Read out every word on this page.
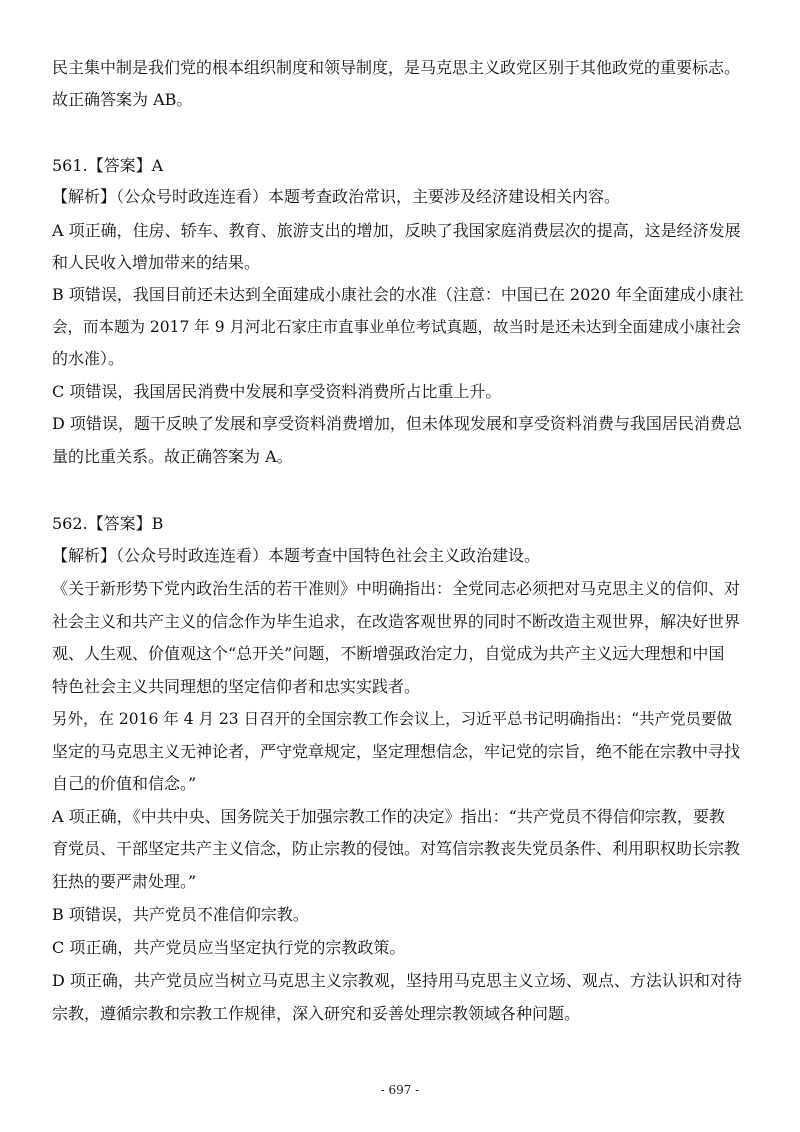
民主集中制是我们党的根本组织制度和领导制度，是马克思主义政党区别于其他政党的重要标志。
故正确答案为 AB。
561.【答案】A
【解析】（公众号时政连连看）本题考查政治常识，主要涉及经济建设相关内容。
A 项正确，住房、轿车、教育、旅游支出的增加，反映了我国家庭消费层次的提高，这是经济发展
和人民收入增加带来的结果。
B 项错误，我国目前还未达到全面建成小康社会的水准（注意：中国已在 2020 年全面建成小康社
会，而本题为 2017 年 9 月河北石家庄市直事业单位考试真题，故当时是还未达到全面建成小康社会
的水准）。
C 项错误，我国居民消费中发展和享受资料消费所占比重上升。
D 项错误，题干反映了发展和享受资料消费增加，但未体现发展和享受资料消费与我国居民消费总
量的比重关系。故正确答案为 A。
562.【答案】B
【解析】（公众号时政连连看）本题考查中国特色社会主义政治建设。
《关于新形势下党内政治生活的若干准则》中明确指出：全党同志必须把对马克思主义的信仰、对
社会主义和共产主义的信念作为毕生追求，在改造客观世界的同时不断改造主观世界，解决好世界
观、人生观、价值观这个“总开关”问题，不断增强政治定力，自觉成为共产主义远大理想和中国
特色社会主义共同理想的坚定信仰者和忠实实践者。
另外，在 2016 年 4 月 23 日召开的全国宗教工作会议上，习近平总书记明确指出：“共产党员要做
坚定的马克思主义无神论者，严守党章规定，坚定理想信念，牢记党的宗旨，绝不能在宗教中寻找
自己的价值和信念。”
A 项正确，《中共中央、国务院关于加强宗教工作的决定》指出：“共产党员不得信仰宗教，要教
育党员、干部坚定共产主义信念，防止宗教的侵蚀。对笃信宗教丧失党员条件、利用职权助长宗教
狂热的要严肃处理。”
B 项错误，共产党员不准信仰宗教。
C 项正确，共产党员应当坚定执行党的宗教政策。
D 项正确，共产党员应当树立马克思主义宗教观，坚持用马克思主义立场、观点、方法认识和对待
宗教，遵循宗教和宗教工作规律，深入研究和妥善处理宗教领域各种问题。
- 697 -
